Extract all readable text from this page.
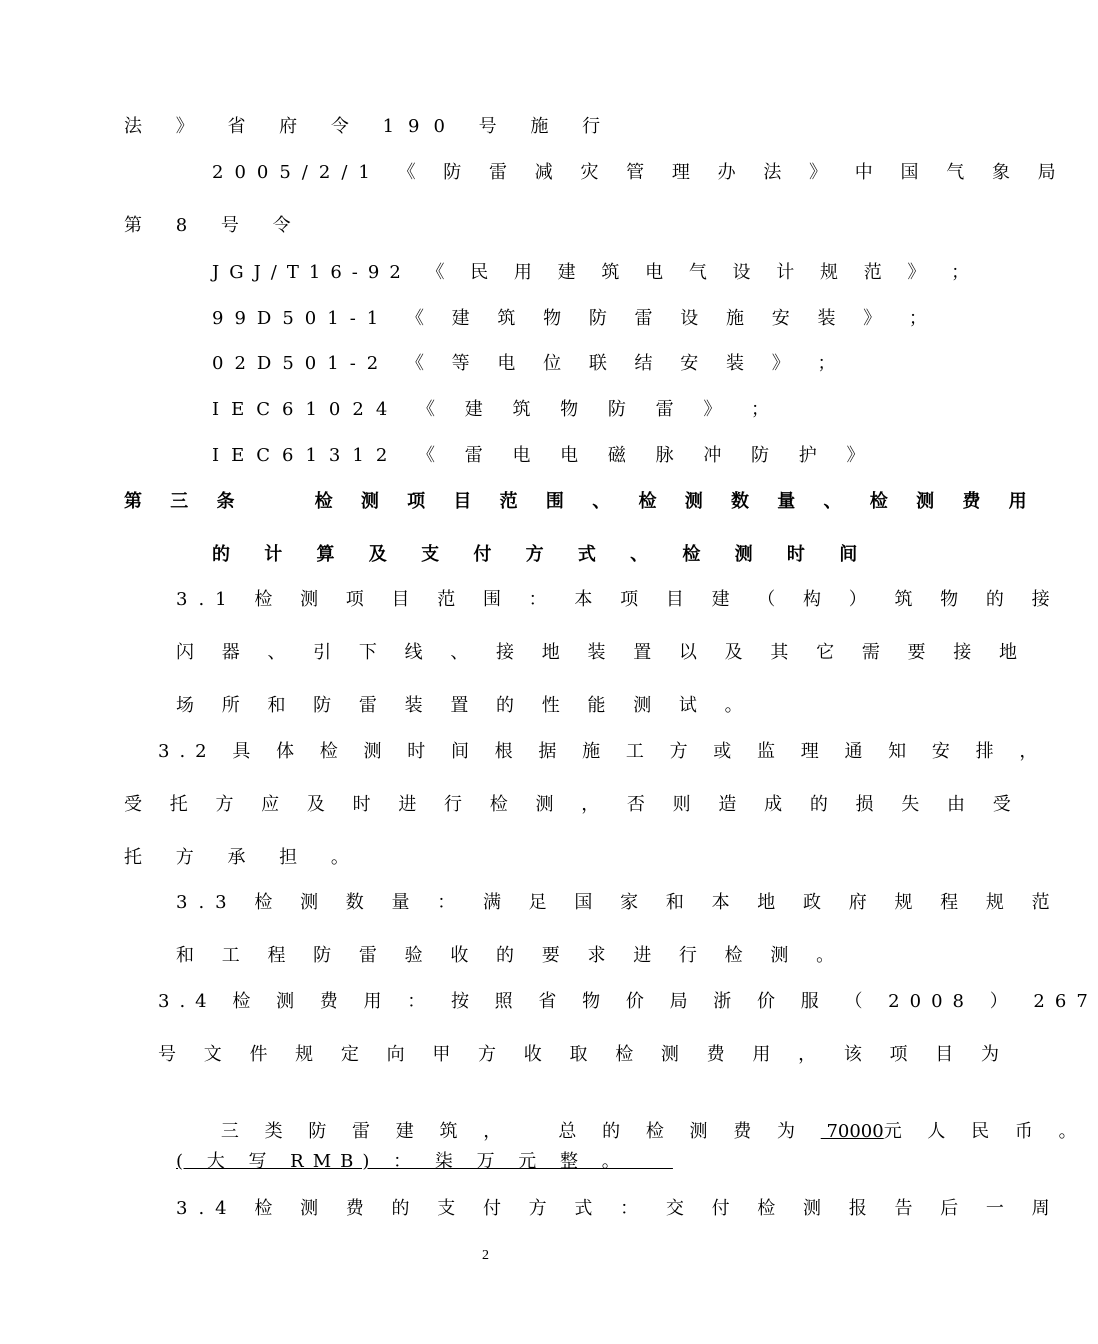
法 》 省 府 令 190 号 施 行
2005/2/1 《 防 雷 减 灾 管 理 办 法 》 中 国 气 象 局
第 8 号 令
JGJ/T16-92 《 民 用 建 筑 电 气 设 计 规 范 》 ；
99D501-1 《 建 筑 物 防 雷 设 施 安 装 》 ；
02D501-2 《 等 电 位 联 结 安 装 》 ；
IEC61024 《 建 筑 物 防 雷 》 ；
IEC61312 《 雷 电 电 磁 脉 冲 防 护 》
第 三 条    检 测 项 目 范 围 、 检 测 数 量 、 检 测 费 用
的 计 算 及 支 付 方 式 、 检 测 时 间
3.1 检 测 项 目 范 围 ： 本 项 目 建 （ 构 ） 筑 物 的 接
闪 器 、 引 下 线 、 接 地 装 置 以 及 其 它 需 要 接 地
场 所 和 防 雷 装 置 的 性 能 测 试 。
3.2 具 体 检 测 时 间 根 据 施 工 方 或 监 理 通 知 安 排 ，
受 托 方 应 及 时 进 行 检 测 ， 否 则 造 成 的 损 失 由 受
托 方 承 担 。
3.3 检 测 数 量 ： 满 足 国 家 和 本 地 政 府 规 程 规 范
和 工 程 防 雷 验 收 的 要 求 进 行 检 测 。
3.4 检 测 费 用 ： 按 照 省 物 价 局 浙 价 服 （ 2008 ） 267
号 文 件 规 定 向 甲 方 收 取 检 测 费 用 ， 该 项 目 为

三 类 防 雷 建 筑 ，   总 的 检 测 费 为  70000元 人 民 币 。

( 大 写 RMB) ： 柒 万 元 整 。
3.4 检 测 费 的 支 付 方 式 ： 交 付 检 测 报 告 后 一 周
2
